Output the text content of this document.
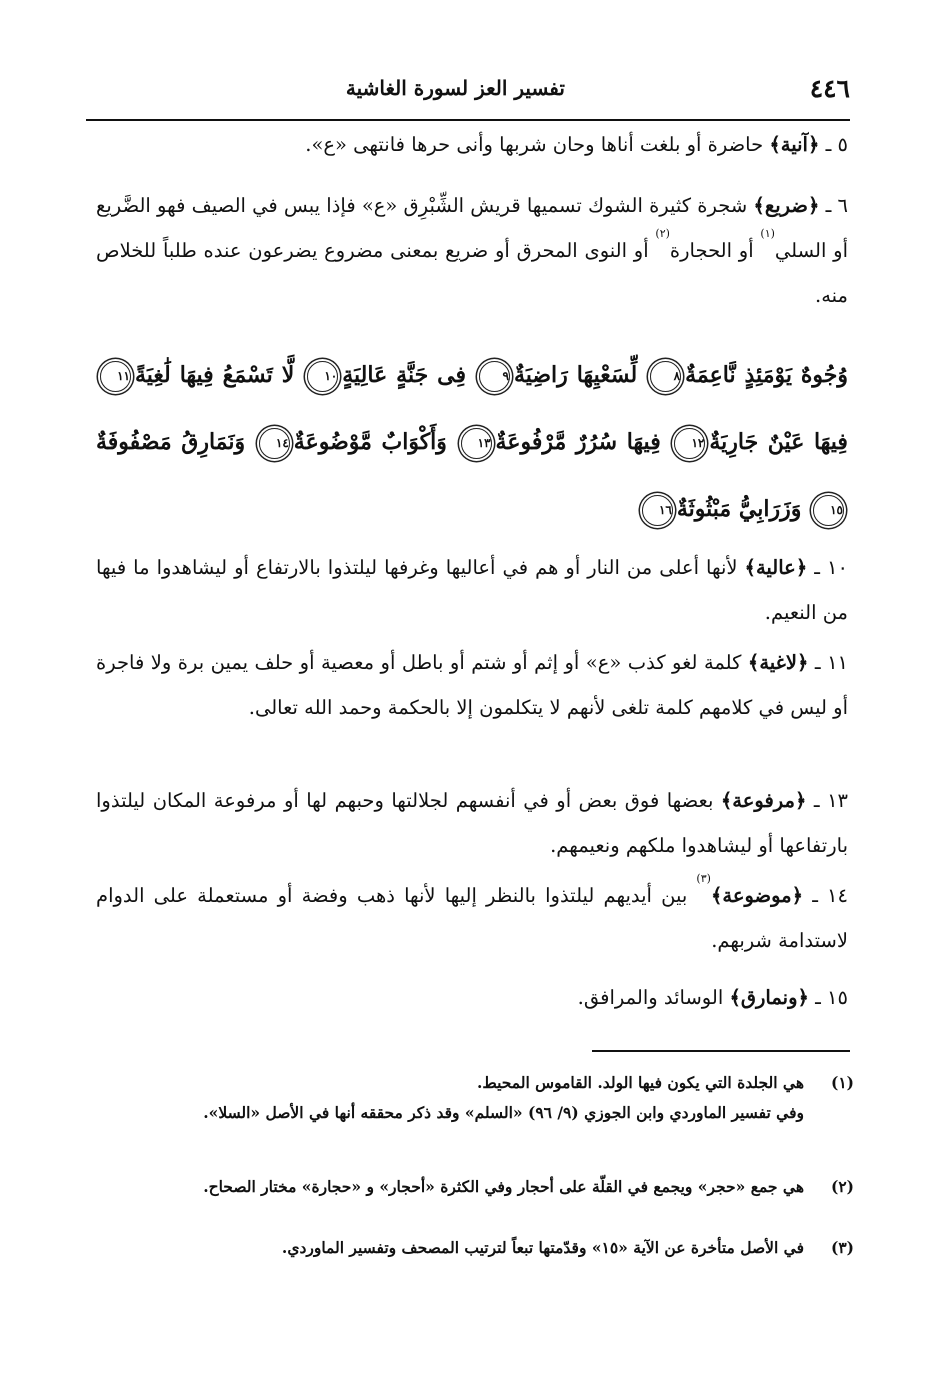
٤٤٦
تفسير العز لسورة الغاشية

٥ ـ ﴿آنية﴾ حاضرة أو بلغت أناها وحان شربها وأنى حرها فانتهى «ع».

٦ ـ ﴿ضريع﴾ شجرة كثيرة الشوك تسميها قريش الشِّبْرِق «ع» فإذا يبس في الصيف فهو الضَّريع أو السلي$^{(١)}$ أو الحجارة$^{(٢)}$ أو النوى المحرق أو ضريع بمعنى مضروع يضرعون عنده طلباً للخلاص منه.

وُجُوهٌ يَوْمَئِذٍ نَّاعِمَةٌ٨ لِّسَعْيِهَا رَاضِيَةٌ٩ فِى جَنَّةٍ عَالِيَةٍ١٠ لَّا تَسْمَعُ فِيهَا لَٰغِيَةً١١ فِيهَا عَيْنٌ جَارِيَةٌ١٢ فِيهَا سُرُرٌ مَّرْفُوعَةٌ١٣ وَأَكْوَابٌ مَّوْضُوعَةٌ١٤ وَنَمَارِقُ مَصْفُوفَةٌ١٥ وَزَرَابِيُّ مَبْثُوثَةٌ١٦

١٠ ـ ﴿عالية﴾ لأنها أعلى من النار أو هم في أعاليها وغرفها ليلتذوا بالارتفاع أو ليشاهدوا ما فيها من النعيم.

١١ ـ ﴿لاغية﴾ كلمة لغو كذب «ع» أو إثم أو شتم أو باطل أو معصية أو حلف يمين برة ولا فاجرة أو ليس في كلامهم كلمة تلغى لأنهم لا يتكلمون إلا بالحكمة وحمد الله تعالى.

١٣ ـ ﴿مرفوعة﴾ بعضها فوق بعض أو في أنفسهم لجلالتها وحبهم لها أو مرفوعة المكان ليلتذوا بارتفاعها أو ليشاهدوا ملكهم ونعيمهم.

١٤ ـ ﴿موضوعة﴾$^{(٣)}$ بين أيديهم ليلتذوا بالنظر إليها لأنها ذهب وفضة أو مستعملة على الدوام لاستدامة شربهم.

١٥ ـ ﴿ونمارق﴾ الوسائد والمرافق.

(١)
هي الجلدة التي يكون فيها الولد. القاموس المحيط.
وفي تفسير الماوردي وابن الجوزي (٩/ ٩٦) «السلم» وقد ذكر محققه أنها في الأصل «السلا».
(٢)
هي جمع «حجر» ويجمع في القلّة على أحجار وفي الكثرة «أحجار» و «حجارة» مختار الصحاح.
(٣)
في الأصل متأخرة عن الآية «١٥» وقدّمتها تبعاً لترتيب المصحف وتفسير الماوردي.
